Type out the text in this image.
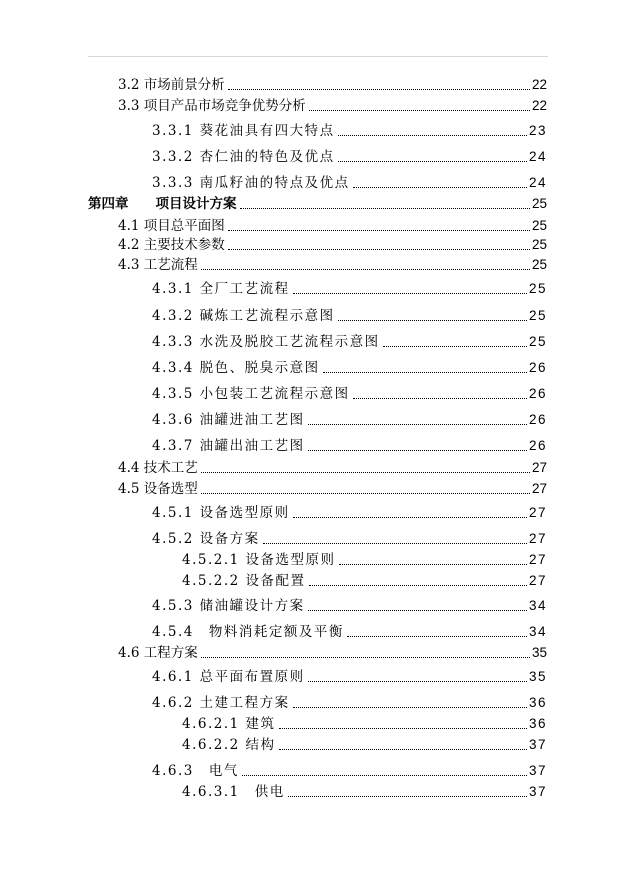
3.2 市场前景分析	22
3.3 项目产品市场竞争优势分析	22
3.3.1 葵花油具有四大特点	23
3.3.2 杏仁油的特色及优点	24
3.3.3 南瓜籽油的特点及优点	24
第四章　　项目设计方案	25
4.1 项目总平面图	25
4.2 主要技术参数	25
4.3 工艺流程	25
4.3.1 全厂工艺流程	25
4.3.2 碱炼工艺流程示意图	25
4.3.3 水洗及脱胶工艺流程示意图	25
4.3.4 脱色、脱臭示意图	26
4.3.5 小包装工艺流程示意图	26
4.3.6 油罐进油工艺图	26
4.3.7 油罐出油工艺图	26
4.4 技术工艺	27
4.5 设备选型	27
4.5.1 设备选型原则	27
4.5.2 设备方案	27
4.5.2.1 设备选型原则	27
4.5.2.2 设备配置	27
4.5.3 储油罐设计方案	34
4.5.4　物料消耗定额及平衡	34
4.6 工程方案	35
4.6.1 总平面布置原则	35
4.6.2 土建工程方案	36
4.6.2.1 建筑	36
4.6.2.2 结构	37
4.6.3　电气	37
4.6.3.1　供电	37
